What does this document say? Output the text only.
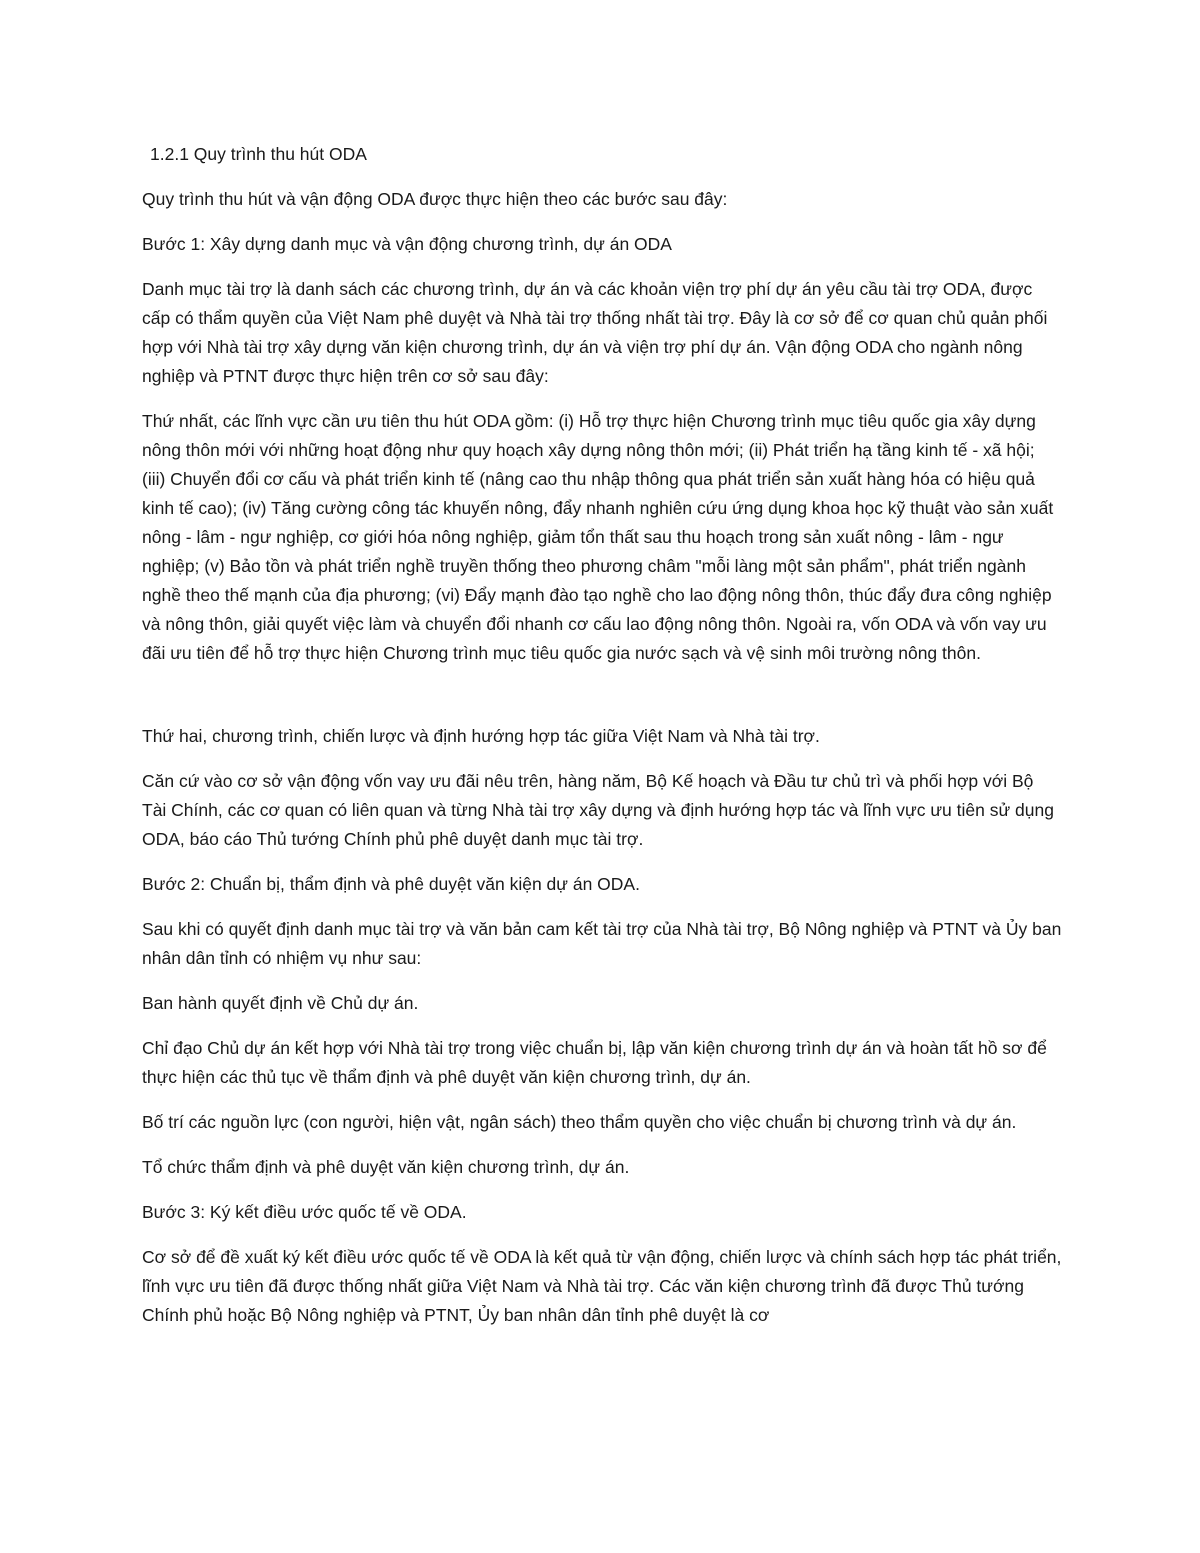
1.2.1 Quy trình thu hút ODA

Quy trình thu hút và vận động ODA được thực hiện theo các bước sau đây:

Bước 1: Xây dựng danh mục và vận động chương trình, dự án ODA

Danh mục tài trợ là danh sách các chương trình, dự án và các khoản viện trợ phí dự án yêu cầu tài trợ ODA, được cấp có thẩm quyền của Việt Nam phê duyệt và Nhà tài trợ thống nhất tài trợ. Đây là cơ sở để cơ quan chủ quản phối hợp với Nhà tài trợ xây dựng văn kiện chương trình, dự án và viện trợ phí dự án. Vận động ODA cho ngành nông nghiệp và PTNT được thực hiện trên cơ sở sau đây:

Thứ nhất, các lĩnh vực cần ưu tiên thu hút ODA gồm: (i) Hỗ trợ thực hiện Chương trình mục tiêu quốc gia xây dựng nông thôn mới với những hoạt động như quy hoạch xây dựng nông thôn mới; (ii) Phát triển hạ tầng kinh tế - xã hội; (iii) Chuyển đổi cơ cấu và phát triển kinh tế (nâng cao thu nhập thông qua phát triển sản xuất hàng hóa có hiệu quả kinh tế cao); (iv) Tăng cường công tác khuyến nông, đẩy nhanh nghiên cứu ứng dụng khoa học kỹ thuật vào sản xuất nông - lâm - ngư nghiệp, cơ giới hóa nông nghiệp, giảm tổn thất sau thu hoạch trong sản xuất nông - lâm - ngư nghiệp; (v) Bảo tồn và phát triển nghề truyền thống theo phương châm "mỗi làng một sản phẩm", phát triển ngành nghề theo thế mạnh của địa phương; (vi) Đẩy mạnh đào tạo nghề cho lao động nông thôn, thúc đẩy đưa công nghiệp và nông thôn, giải quyết việc làm và chuyển đổi nhanh cơ cấu lao động nông thôn. Ngoài ra, vốn ODA và vốn vay ưu đãi ưu tiên để hỗ trợ thực hiện Chương trình mục tiêu quốc gia nước sạch và vệ sinh môi trường nông thôn.

Thứ hai, chương trình, chiến lược và định hướng hợp tác giữa Việt Nam và Nhà tài trợ.

Căn cứ vào cơ sở vận động vốn vay ưu đãi nêu trên, hàng năm, Bộ Kế hoạch và Đầu tư chủ trì và phối hợp với Bộ Tài Chính, các cơ quan có liên quan và từng Nhà tài trợ xây dựng và định hướng hợp tác và lĩnh vực ưu tiên sử dụng ODA, báo cáo Thủ tướng Chính phủ phê duyệt danh mục tài trợ.

Bước 2: Chuẩn bị, thẩm định và phê duyệt văn kiện dự án ODA.

Sau khi có quyết định danh mục tài trợ và văn bản cam kết tài trợ của Nhà tài trợ, Bộ Nông nghiệp và PTNT và Ủy ban nhân dân tỉnh có nhiệm vụ như sau:

Ban hành quyết định về Chủ dự án.

Chỉ đạo Chủ dự án kết hợp với Nhà tài trợ trong việc chuẩn bị, lập văn kiện chương trình dự án và hoàn tất hồ sơ để thực hiện các thủ tục về thẩm định và phê duyệt văn kiện chương trình, dự án.

Bố trí các nguồn lực (con người, hiện vật, ngân sách) theo thẩm quyền cho việc chuẩn bị chương trình và dự án.

Tổ chức thẩm định và phê duyệt văn kiện chương trình, dự án.

Bước 3: Ký kết điều ước quốc tế về ODA.

Cơ sở để đề xuất ký kết điều ước quốc tế về ODA là kết quả từ vận động, chiến lược và chính sách hợp tác phát triển, lĩnh vực ưu tiên đã được thống nhất giữa Việt Nam và Nhà tài trợ. Các văn kiện chương trình đã được Thủ tướng Chính phủ hoặc Bộ Nông nghiệp và PTNT, Ủy ban nhân dân tỉnh phê duyệt là cơ
